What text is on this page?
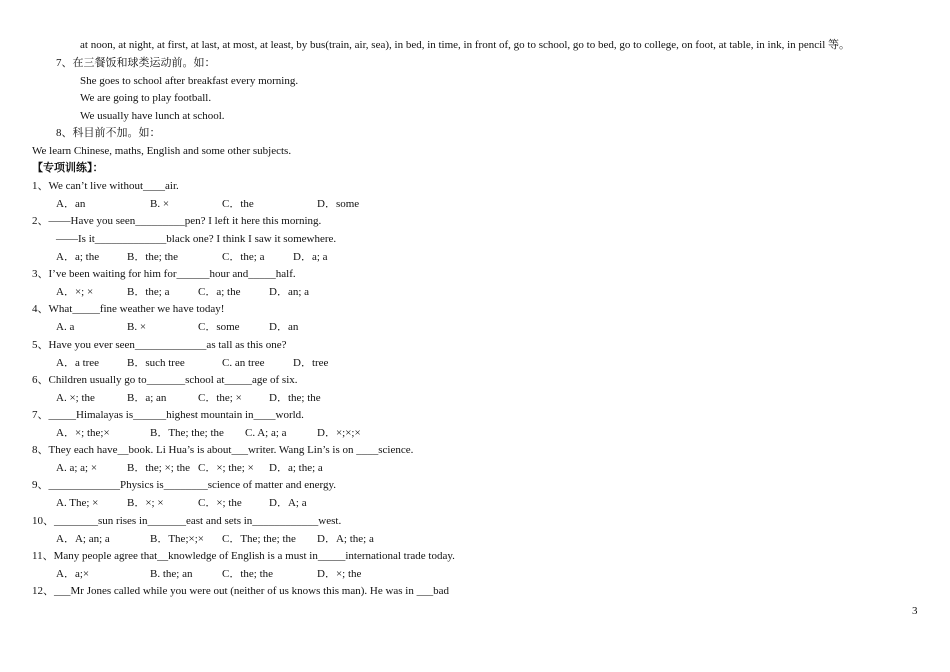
at noon, at night, at first, at last, at most, at least, by bus(train, air, sea), in bed, in time, in front of, go to school, go to bed, go to college, on foot, at table, in ink, in pencil 等。
7、在三餐饭和球类运动前。如：
She goes to school after breakfast every morning.
We are going to play football.
We usually have lunch at school.
8、科目前不加。如：
We learn Chinese, maths, English and some other subjects.
【专项训练】：
1、We can’t live without____air.
A．an	B. ×	C．the	D．some
2、——Have you seen_________pen? I left it here this morning.
——Is it_____________black one? I think I saw it somewhere.
A．a; the	B．the; the	C．the; a	D．a; a
3、I’ve been waiting for him for______hour and_____half.
A．×; ×	B．the; a	C．a; the	D．an; a
4、What_____fine weather we have today!
A. a	B. ×	C．some	D．an
5、Have you ever seen_____________as tall as this one?
A．a tree	B．such tree	C. an tree	D．tree
6、Children usually go to_______school at_____age of six.
A. ×; the	B．a; an	C．the; × D．the; the
7、_____Himalayas is______highest mountain in____world.
A．×; the;×	B．The; the; the C. A; a; a	D．×;×;×
8、They each have__book. Li Hua’s is about___writer. Wang Lin’s is on ____science.
A. a; a; ×	B．the; ×; the C．×; the; × D．a; the; a
9、_____________Physics is________science of matter and energy.
A. The; ×	B．×; ×	C．×; the D．A; a
10、________sun rises in_______east and sets in____________west.
A．A; an; a	B．The;×;× C．The; the; the D．A; the; a
11、Many people agree that__knowledge of English is a must in_____international trade today.
A．a;×	B. the; an	C．the; the	D．×; the
12、___Mr Jones called while you were out (neither of us knows this man). He was in ___bad
3
